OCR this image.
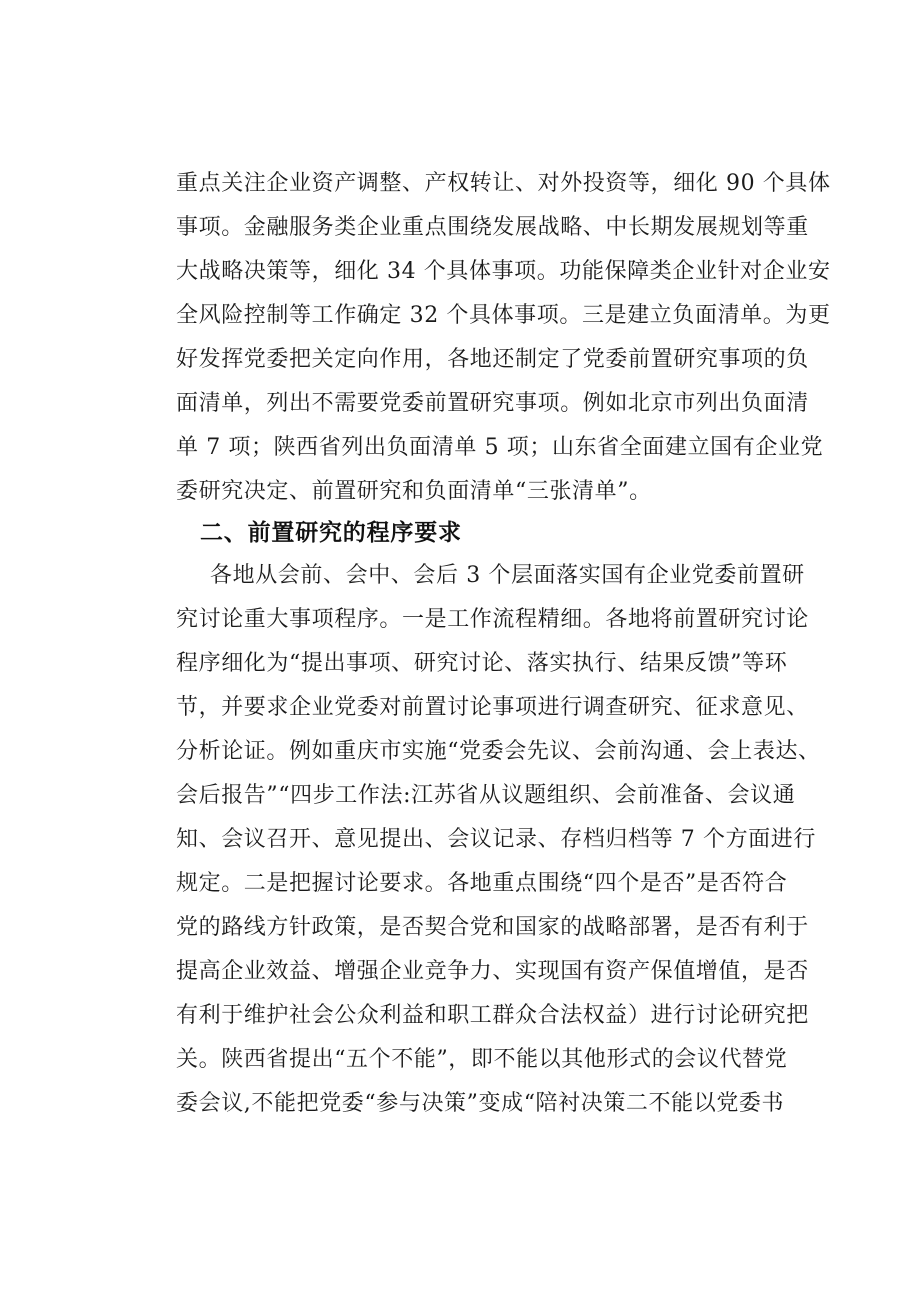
重点关注企业资产调整、产权转让、对外投资等，细化 90 个具体
事项。金融服务类企业重点围绕发展战略、中长期发展规划等重
大战略决策等，细化 34 个具体事项。功能保障类企业针对企业安
全风险控制等工作确定 32 个具体事项。三是建立负面清单。为更
好发挥党委把关定向作用，各地还制定了党委前置研究事项的负
面清单，列出不需要党委前置研究事项。例如北京市列出负面清
单 7 项；陕西省列出负面清单 5 项；山东省全面建立国有企业党
委研究决定、前置研究和负面清单“三张清单”。
二、前置研究的程序要求
各地从会前、会中、会后 3 个层面落实国有企业党委前置研
究讨论重大事项程序。一是工作流程精细。各地将前置研究讨论
程序细化为“提出事项、研究讨论、落实执行、结果反馈”等环
节，并要求企业党委对前置讨论事项进行调查研究、征求意见、
分析论证。例如重庆市实施“党委会先议、会前沟通、会上表达、
会后报告”“四步工作法:江苏省从议题组织、会前准备、会议通
知、会议召开、意见提出、会议记录、存档归档等 7 个方面进行
规定。二是把握讨论要求。各地重点围绕“四个是否”是否符合
党的路线方针政策，是否契合党和国家的战略部署，是否有利于
提高企业效益、增强企业竞争力、实现国有资产保值增值，是否
有利于维护社会公众利益和职工群众合法权益）进行讨论研究把
关。陕西省提出“五个不能”，即不能以其他形式的会议代替党
委会议,不能把党委“参与决策”变成“陪衬决策二不能以党委书
